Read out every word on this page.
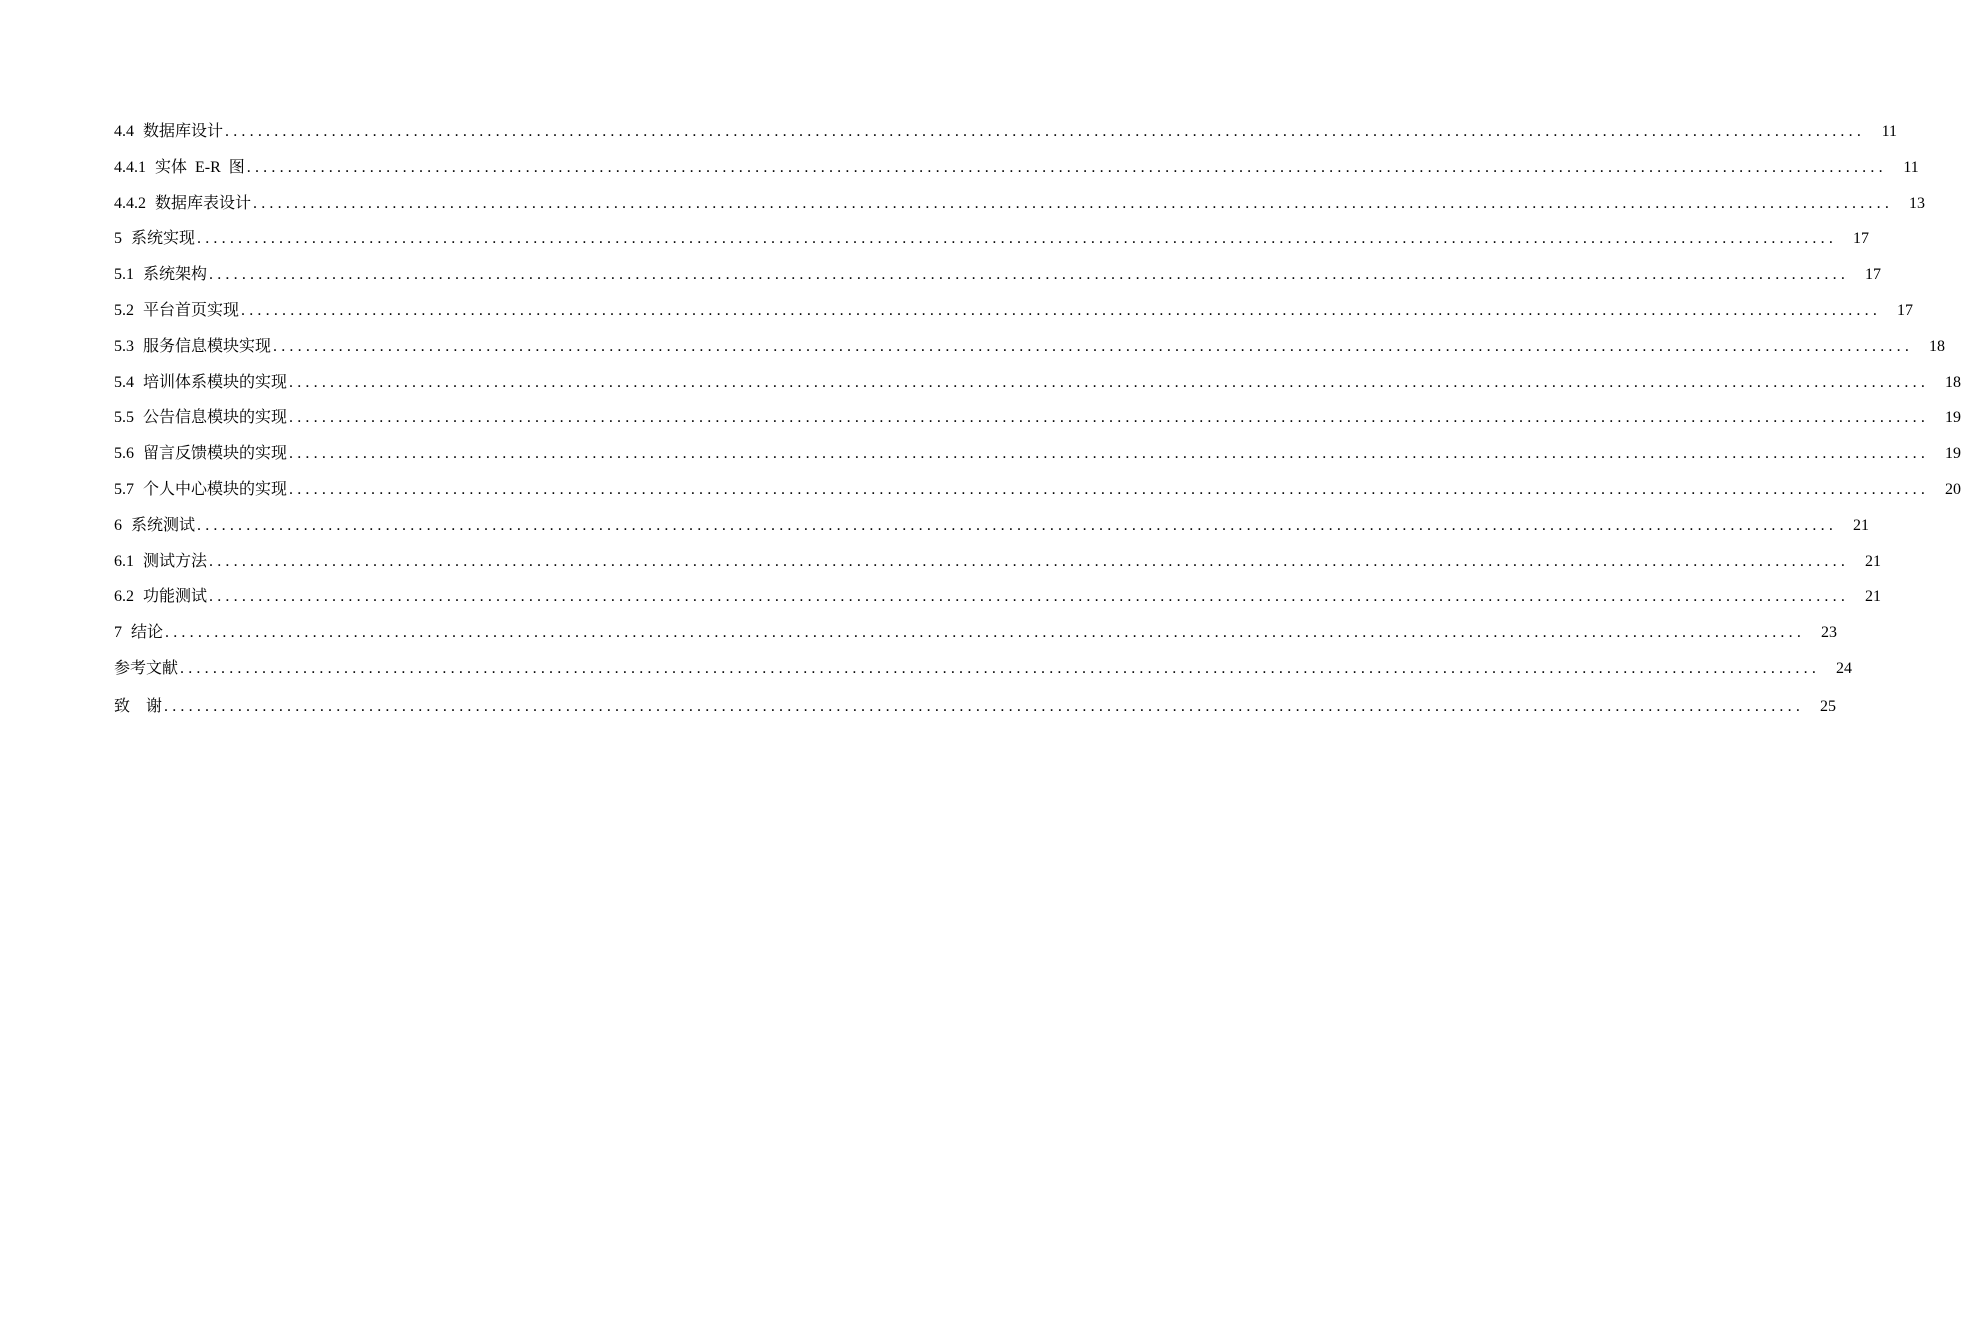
4.4 数据库设计 ........................................................................................................................................................................................................	11
4.4.1 实体  E-R  图 ........................................................................................................................................................................................................	11
4.4.2 数据库表设计 ........................................................................................................................................................................................................	13
5 系统实现 ........................................................................................................................................................................................................	17
5.1 系统架构 ........................................................................................................................................................................................................	17
5.2 平台首页实现 ........................................................................................................................................................................................................	17
5.3 服务信息模块实现 ........................................................................................................................................................................................................	18
5.4 培训体系模块的实现 ........................................................................................................................................................................................................	18
5.5 公告信息模块的实现 ........................................................................................................................................................................................................	19
5.6 留言反馈模块的实现 ........................................................................................................................................................................................................	19
5.7 个人中心模块的实现 ........................................................................................................................................................................................................	20
6 系统测试 ........................................................................................................................................................................................................	21
6.1 测试方法 ........................................................................................................................................................................................................	21
6.2 功能测试 ........................................................................................................................................................................................................	21
7 结论 ........................................................................................................................................................................................................	23
参考文献 ........................................................................................................................................................................................................	24
致    谢 ........................................................................................................................................................................................................	25
